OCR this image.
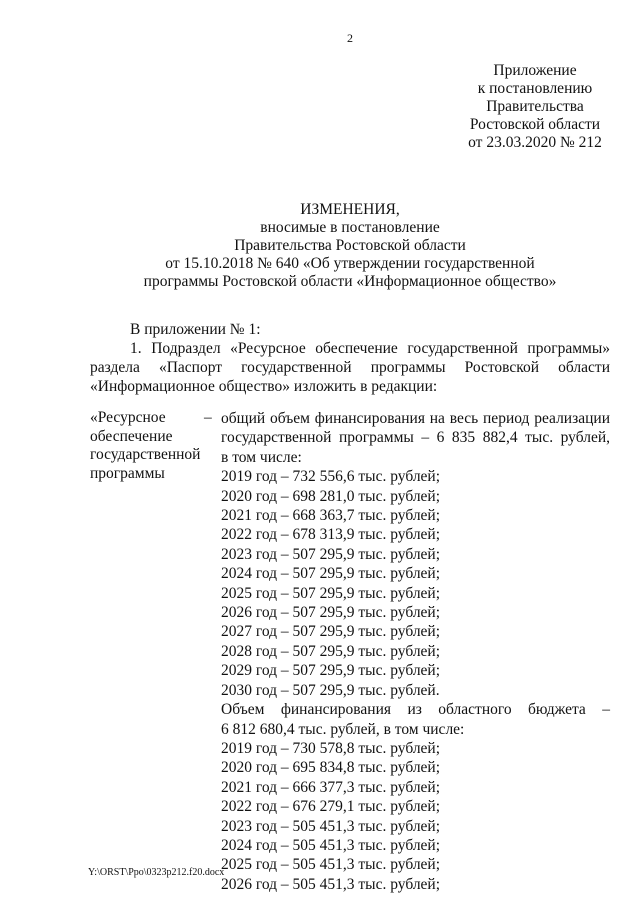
2
Приложение
к постановлению
Правительства
Ростовской области
от 23.03.2020 № 212
ИЗМЕНЕНИЯ,
вносимые в постановление
Правительства Ростовской области
от 15.10.2018 № 640 «Об утверждении государственной
программы Ростовской области «Информационное общество»
В приложении № 1:
1. Подраздел «Ресурсное обеспечение государственной программы»
раздела «Паспорт государственной программы Ростовской области
«Информационное общество» изложить в редакции:
«Ресурсное
обеспечение
государственной
программы
– общий объем финансирования на весь период реализации
государственной программы – 6 835 882,4 тыс. рублей,
в том числе:
2019 год – 732 556,6 тыс. рублей;
2020 год – 698 281,0 тыс. рублей;
2021 год – 668 363,7 тыс. рублей;
2022 год – 678 313,9 тыс. рублей;
2023 год – 507 295,9 тыс. рублей;
2024 год – 507 295,9 тыс. рублей;
2025 год – 507 295,9 тыс. рублей;
2026 год – 507 295,9 тыс. рублей;
2027 год – 507 295,9 тыс. рублей;
2028 год – 507 295,9 тыс. рублей;
2029 год – 507 295,9 тыс. рублей;
2030 год – 507 295,9 тыс. рублей.
Объем финансирования из областного бюджета –
6 812 680,4 тыс. рублей, в том числе:
2019 год – 730 578,8 тыс. рублей;
2020 год – 695 834,8 тыс. рублей;
2021 год – 666 377,3 тыс. рублей;
2022 год – 676 279,1 тыс. рублей;
2023 год – 505 451,3 тыс. рублей;
2024 год – 505 451,3 тыс. рублей;
2025 год – 505 451,3 тыс. рублей;
2026 год – 505 451,3 тыс. рублей;
Y:\ORST\Ppo\0323p212.f20.docx
